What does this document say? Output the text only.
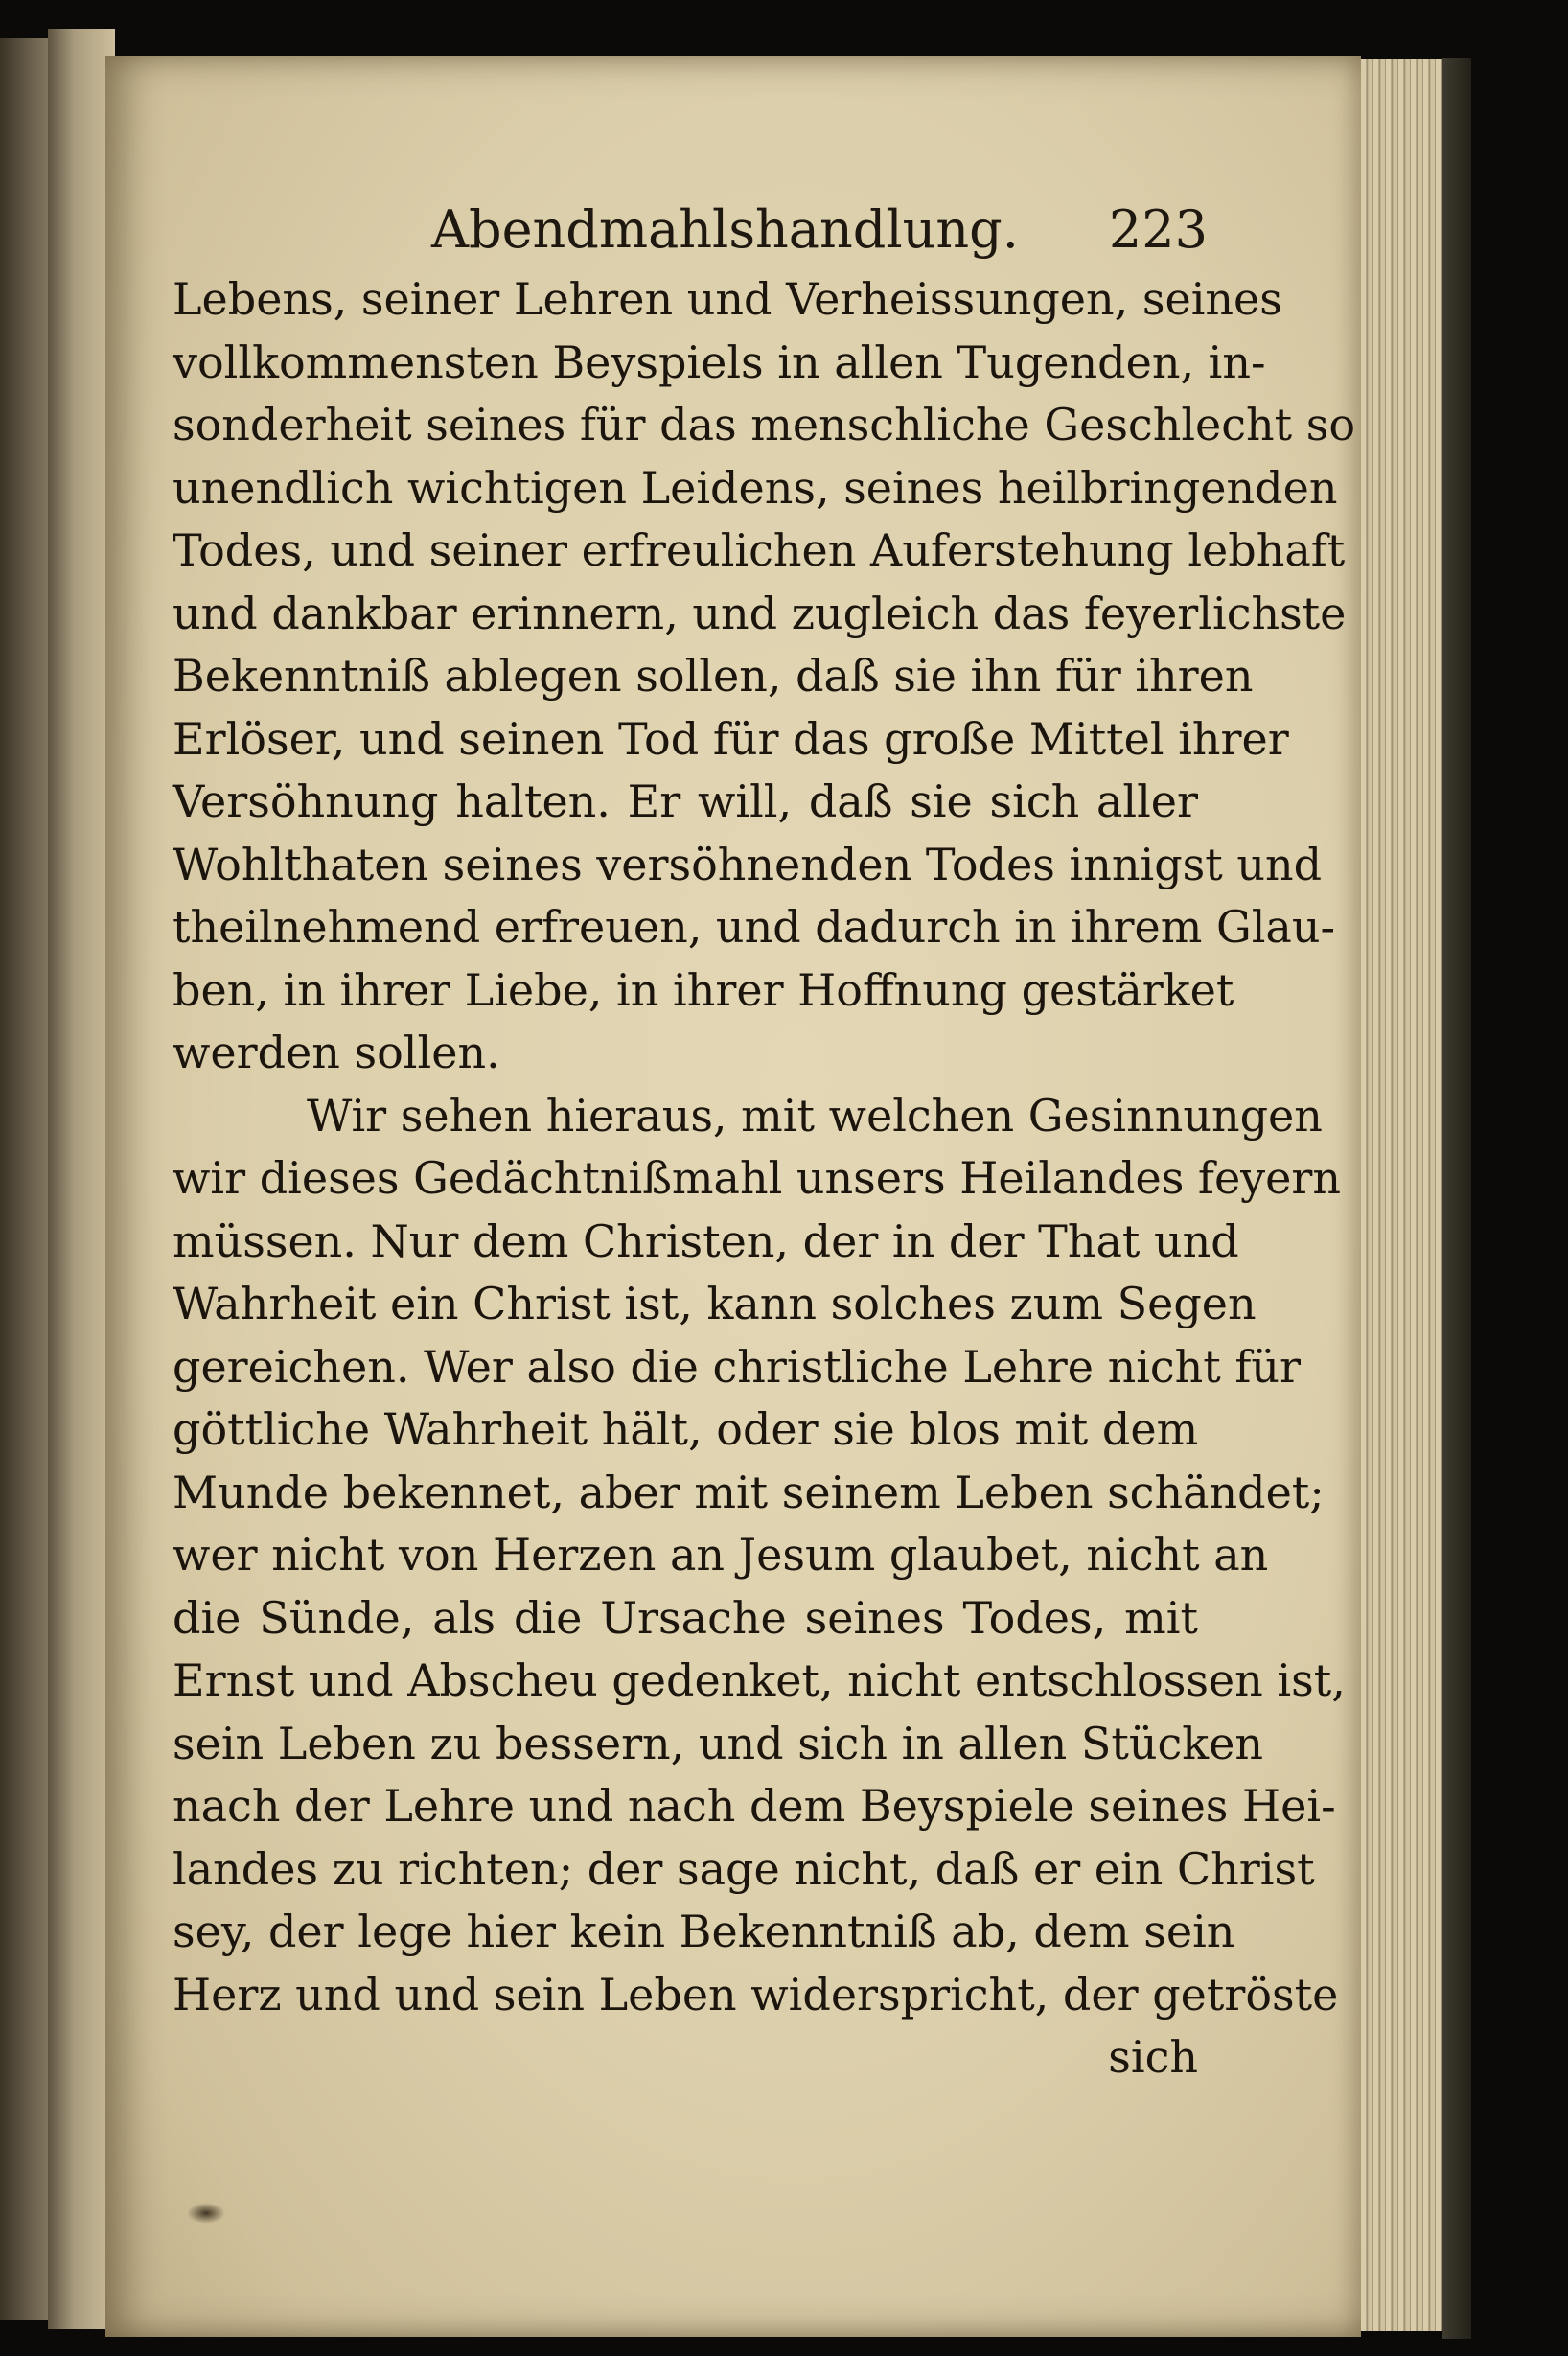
Abendmahlshandlung. 223
Lebens, seiner Lehren und Verheissungen, seines
vollkommensten Beyspiels in allen Tugenden, in-
sonderheit seines für das menschliche Geschlecht so
unendlich wichtigen Leidens, seines heilbringenden
Todes, und seiner erfreulichen Auferstehung lebhaft
und dankbar erinnern, und zugleich das feyerlichste
Bekenntniß ablegen sollen, daß sie ihn für ihren
Erlöser, und seinen Tod für das große Mittel ihrer
Versöhnung halten. Er will, daß sie sich aller
Wohlthaten seines versöhnenden Todes innigst und
theilnehmend erfreuen, und dadurch in ihrem Glau-
ben, in ihrer Liebe, in ihrer Hoffnung gestärket
werden sollen.
Wir sehen hieraus, mit welchen Gesinnungen
wir dieses Gedächtnißmahl unsers Heilandes feyern
müssen. Nur dem Christen, der in der That und
Wahrheit ein Christ ist, kann solches zum Segen
gereichen. Wer also die christliche Lehre nicht für
göttliche Wahrheit hält, oder sie blos mit dem
Munde bekennet, aber mit seinem Leben schändet;
wer nicht von Herzen an Jesum glaubet, nicht an
die Sünde, als die Ursache seines Todes, mit
Ernst und Abscheu gedenket, nicht entschlossen ist,
sein Leben zu bessern, und sich in allen Stücken
nach der Lehre und nach dem Beyspiele seines Hei-
landes zu richten; der sage nicht, daß er ein Christ
sey, der lege hier kein Bekenntniß ab, dem sein
Herz und und sein Leben widerspricht, der getröste
sich
